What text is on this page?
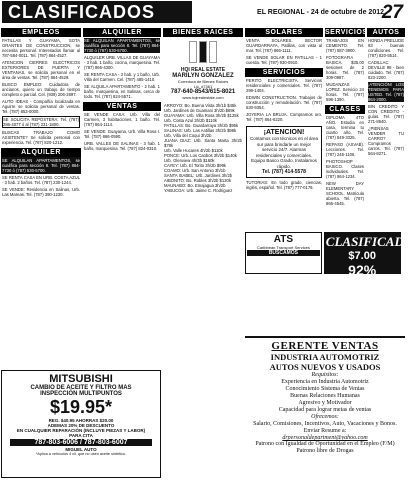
CLASIFICADOS	EL REGIONAL - 24 de octubre de 2012
27
EMPLEOS
PATILLAS Y GUAYAMA, SOTA GRANTES DE CONSTRUCCION, se necesita personal. Interesados llamar al 787-584-0011. Tel. (787) 864-4527.
ATENCION CIERRES ELECTRICOS EXTERIORES DE PUERTA Y VENTANAS, se solicita personal en el área de ventas. Tel. (787) 864-4529.
BUSCO EMPLEO: Cuidadora de ancianos, quiero un trabajo de tiempo completo o parcial. Cel. (939) 206-2697.
AUTO IDEAS - Compañía localizada en Aguirre se solicita personal de ventas. Tel. (787) 853-0000.
SE SOLICITA REPOSTERA: Tel. (787) 286-4077 ó al (787) 231-1800.
BUSCAS TRABAJO COMO ASISTENTE? Se solicita personal con experiencia. Tel. (787) 820-1212.
ALQUILER
SE ALQUILAN APARTAMENTOS, se cualifica para sección 8. Tel. (787) 864-7730 ó (787) 530-5700.
SE RENTA CASA EN URB. COSTA AZUL - 3 hab. 2 baños. Tel. (787) 230-1244.
SE VENDE: Residencia en Salinas, Urb. Las Mareas. Tel. (787) 390-1230.
ALQUILER
SE ALQUILAN APARTAMENTOS, se cualifica para sección 8. Tel. (787) 864-7730 ó (787) 530-5700.
ALQUILER URB. VILLAS DE GUAYAMA - 3 hab. 1 baño, cocina, marquesina. Tel. (787) 866-4300.
SE RENTA CASA - 3 hab. y 1 baño, Urb. Villa del Carmen. Cel. (787) 485-1410.
SE ALQUILA APARTAMENTO - 2 hab. 1 baño, marquesina, en Salinas, cerca de todo. Tel. (787) 824-5571.
VENTAS
SE VENDE CASA: Urb. Villa del Carmen, 3 habitaciones, 1 baño. Tel. (787) 864-1114.
SE VENDE: Guayama, Urb. Villa Rosa I. Tel. (787) 866-0590.
URB. VALLES DE SALINAS - 3 hab. 1 baño, marquesina. Tel. (787) 824-0310.
BIENES RAICES
HQI REAL ESTATE
MARILYN GONZALEZ
Corredora de Bienes Raíces
Lic. #7361
787-640-8543/615-8021
www.hqirealestate.com
ARROYO: Bo. Buena Vista 3h/1b $45k
Urb. Jardines de Guamani 3h/2b $89k
GUAYAMA: Urb. Villa Rosa 3h/2b $125k
Urb. Costa Azul 3h/2b $110k
PATILLAS: Bo. Guardarraya 3h/2b $95k
SALINAS: Urb. Las Antillas 3h/2b $98k
Urb. Villa del Coqui 3h/2b
JUANA DIAZ: Urb. Santa Marta 3h/2b $78k
Urb. Valle Hucares 4h/2b $110k
PONCE: Urb. Los Caobos 3h/2b $140k
Urb. Glenview 4h/3b $160k
CAYEY: Urb. El Torito 3h/2b $99k
COAMO: Urb. San Antonio 3h/1b
SANTA ISABEL: Urb. Jardines 3h/2b
AIBONITO: Bo. Robles 3h/2b $120k
MAUNABO: Bo. Emajagua 3h/2b
YABUCOA: Urb. Jaime C. Rodriguez
SOLARES
VENTA SOLARES. SECTOR GUARDARRAYA, Patillas, con vista al mar. Tel. (787) 866-1111.
SE VENDE SOLAR EN PATILLAS - 1 cuerda. Tel. (787) 930-0910.
SERVICIOS
PERITO ELECTRICISTA. Servicios residenciales y comerciales. Tel. (787) 299-1404.
EDWIN CONSTRUCTION. Trabajos de construcción y remodelación. Tel. (787) 530-9354.
JOYERIA LA BRUJA. Compramos oro. Tel. (787) 864-6220.
¡ATENCION!
Contamos con técnicos en el área sur para brindarle un mejor servicio 24/7. Alarmas residenciales y comerciales. Equipo Basco Grado. Instalamos rápido.
Tel. (787) 414-5578
TUTORIAS: En todo grado, ciencias, inglés, español. Tel. (787) 777-0178.
SERVICIOS
TRABAJOS EN CEMENTO. Tel. (787) 587-3900.
FOTOGRAFIA BASICA. $35.00 sesiones de 2 horas. Tel. (787) 309-0987.
MUDANZAS LOPEZ. Servicio 24 horas. Tel. (787) 596-1390.
CLASES
DIPLOMA 4TO AÑO. Estudia en casa, termina tu cuarto año. Tel. (787) 849-3325.
REPASO (ASVAB). Lecciones. Tel. (787) 246-1106.
PHOTOSHOP BASICO. Clases individuales. Tel. (787) 864-1234.
NEW DAY ELEMENTARY SCHOOL. Matrícula abierta. Tel. (787) 866-4545.
AUTOS
HONDA PRELUDE 93 - buenas condiciones. Tel. (787) 820-5514.
CADILLAC DEVILLE 98 - bien cuidado. Tel. (787) 823-2200.
¡ATENCIÓN! LOS TENEMOS PARA USTED. Tel. (787) 864-2000.
BIN CREDITO Y CON CREDITO - guías. Tel. (787) 271-8640.
¿PIENSAS VENDER TU CARRO? Compramos carros. Tel. (787) 564-8271.
ATS
Caribbean Transport Services
BUSCAMOS
CLASIFICADOS
$7.00
92%
MITSUBISHI
CAMBIO DE ACEITE Y FILTRO MAS
INSPECCIÓN MULTIPUNTOS
$19.95*
REG. $40.95 AHORRAS $20.00
ADEMAS 20% DE DESCUENTO
EN CUALQUIER REPARACIÓN (INCLUYE PIEZAS Y LABOR)
PARA CITA
787-803-6006 / 787-803-6007
MIGUEL AUTO
*Aplica a vehículos 4 cil. que no usen aceite sintético.
GERENTE VENTAS
INDUSTRIA AUTOMOTRIZ
AUTOS NUEVOS Y USADOS
Requisitos:
Experiencia en Industria Automotriz
Conocimiento Sistema de Ventas
Buenas Relaciones Humanas
Agresivo y Motivador
Capacidad para lograr metas de ventas
Ofrecemos:
Salario, Comisiones, Incentivos, Auto, Vacaciones y Bonos.
Enviar Resume a:
drpersonaldepartment@yahoo.com
Patrono con Igualdad de Oportunidad en el Empleo (F/M)
Patrono libre de Drogas
